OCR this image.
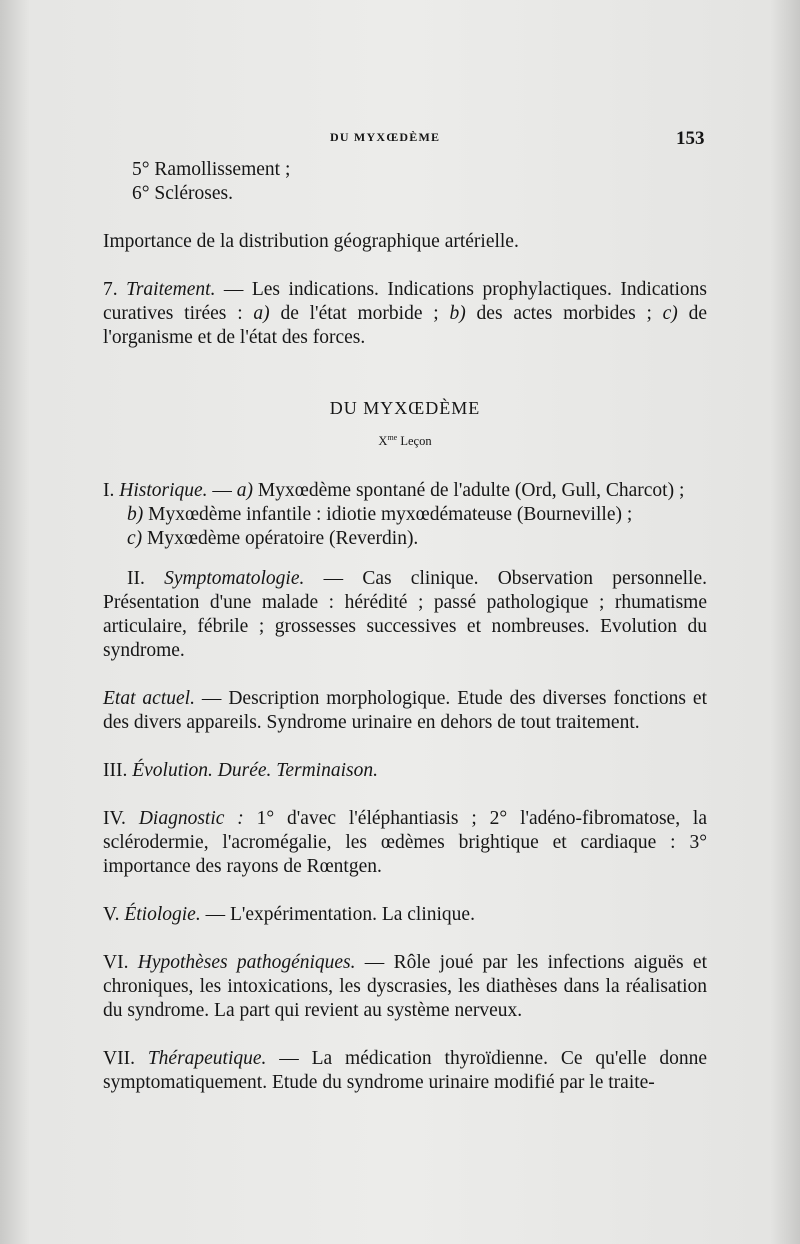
DU MYXŒDÈME	153

5° Ramollissement ;

6° Scléroses.

Importance de la distribution géographique artérielle.

7. Traitement. — Les indications. Indications prophylactiques. Indications curatives tirées : a) de l'état morbide ; b) des actes morbides ; c) de l'organisme et de l'état des forces.

DU MYXŒDÈME

$X^{me}$ Leçon

I. Historique. — a) Myxœdème spontané de l'adulte (Ord, Gull, Charcot) ;

b) Myxœdème infantile : idiotie myxœdémateuse (Bourneville) ;

c) Myxœdème opératoire (Reverdin).

II. Symptomatologie. — Cas clinique. Observation personnelle. Présentation d'une malade : hérédité ; passé pathologique ; rhumatisme articulaire, fébrile ; grossesses successives et nombreuses. Evolution du syndrome.

Etat actuel. — Description morphologique. Etude des diverses fonctions et des divers appareils. Syndrome urinaire en dehors de tout traitement.

III. Évolution. Durée. Terminaison.

IV. Diagnostic : 1° d'avec l'éléphantiasis ; 2° l'adéno-fibromatose, la sclérodermie, l'acromégalie, les œdèmes brightique et cardiaque : 3° importance des rayons de Rœntgen.

V. Étiologie. — L'expérimentation. La clinique.

VI. Hypothèses pathogéniques. — Rôle joué par les infections aiguës et chroniques, les intoxications, les dyscrasies, les diathèses dans la réalisation du syndrome. La part qui revient au système nerveux.

VII. Thérapeutique. — La médication thyroïdienne. Ce qu'elle donne symptomatiquement. Etude du syndrome urinaire modifié par le traite-
